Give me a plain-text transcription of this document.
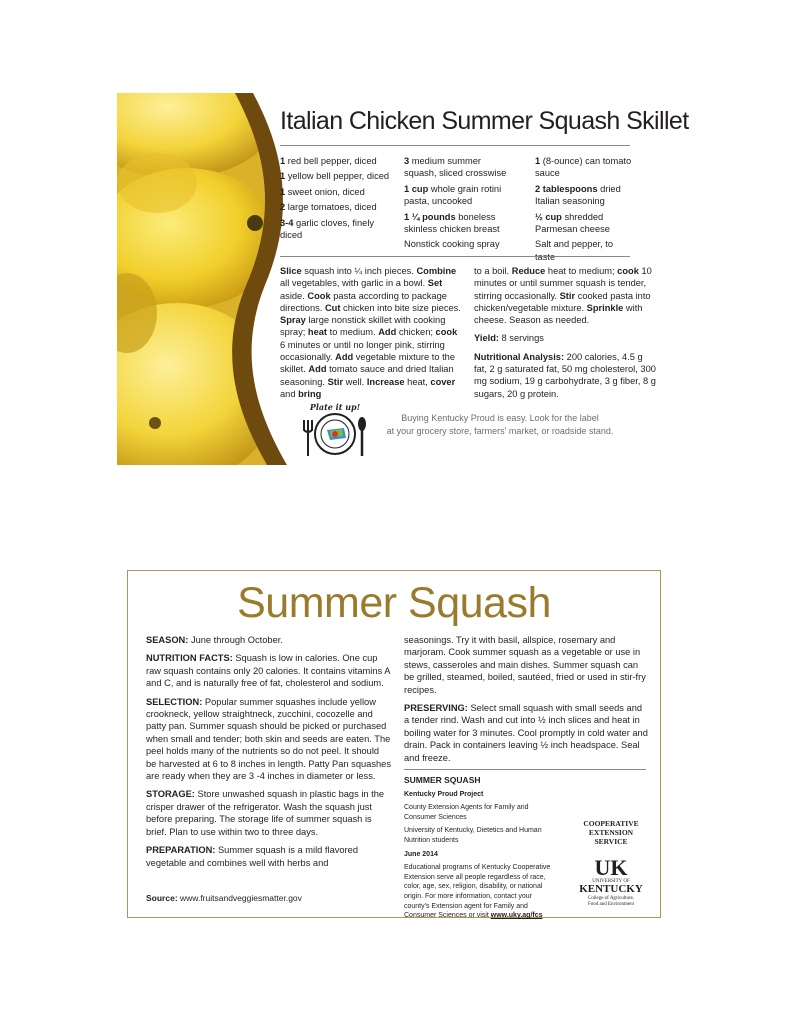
Italian Chicken Summer Squash Skillet

1 red bell pepper, diced

1 yellow bell pepper, diced

1 sweet onion, diced

2 large tomatoes, diced

3-4 garlic cloves, finely diced

3 medium summer squash, sliced crosswise

1 cup whole grain rotini pasta, uncooked

1 ¼ pounds boneless skinless chicken breast

Nonstick cooking spray

1 (8-ounce) can tomato sauce

2 tablespoons dried Italian seasoning

½ cup shredded Parmesan cheese

Salt and pepper, to

Slice squash into ¼ inch pieces. Combine all vegetables, with garlic in a bowl. Set aside. Cook pasta according to package directions. Cut chicken into bite size pieces. Spray large nonstick skillet with cooking spray; heat to medium. Add chicken; cook 6 minutes or until no longer pink, stirring occasionally. Add vegetable mixture to the skillet. Add tomato sauce and dried Italian seasoning. Stir well. Increase heat, cover and bring

to a boil. Reduce heat to medium; cook 10 minutes or until summer squash is tender, stirring occasionally. Stir cooked pasta into chicken/vegetable mixture. Sprinkle with cheese. Season as needed.

Yield: 8 servings

Nutritional Analysis: 200 calories, 4.5 g fat, 2 g saturated fat, 50 mg cholesterol, 300 mg sodium, 19 g carbohydrate, 3 g fiber, 8 g sugars, 20 g protein.

Plate it up!
Buying Kentucky Proud is easy. Look for the label
at your grocery store, farmers' market, or roadside stand.
Summer Squash

SEASON: June through October.

NUTRITION FACTS: Squash is low in calories. One cup raw squash contains only 20 calories. It contains vitamins A and C, and is naturally free of fat, cholesterol and sodium.

SELECTION: Popular summer squashes include yellow crookneck, yellow straightneck, zucchini, cocozelle and patty pan. Summer squash should be picked or purchased when small and tender; both skin and seeds are eaten. The peel holds many of the nutrients so do not peel. It should be harvested at 6 to 8 inches in length. Patty Pan squashes are ready when they are 3 -4 inches in diameter or less.

STORAGE: Store unwashed squash in plastic bags in the crisper drawer of the refrigerator. Wash the squash just before preparing. The storage life of summer squash is brief. Plan to use within two to three days.

PREPARATION: Summer squash is a mild flavored vegetable and combines well with herbs and

seasonings. Try it with basil, allspice, rosemary and marjoram. Cook summer squash as a vegetable or use in stews, casseroles and main dishes. Summer squash can be grilled, steamed, boiled, sautéed, fried or used in stir-fry recipes.

PRESERVING: Select small squash with small seeds and a tender rind. Wash and cut into ½ inch slices and heat in boiling water for 3 minutes. Cool promptly in cold water and drain. Pack in containers leaving ½ inch headspace. Seal and freeze.

SUMMER SQUASH

Kentucky Proud Project

County Extension Agents for Family and Consumer Sciences

University of Kentucky, Dietetics and Human Nutrition students

June 2014

Educational programs of Kentucky Cooperative Extension serve all people regardless of race, color, age, sex, religion, disability, or national origin. For more information, contact your county's Extension agent for Family and Consumer Sciences or visit www.uky.ag/fcs

COOPERATIVE
EXTENSION
SERVICE
UK
UNIVERSITY OF
KENTUCKY
College of Agriculture,
Food and Environment
Source: www.fruitsandveggiesmatter.gov
